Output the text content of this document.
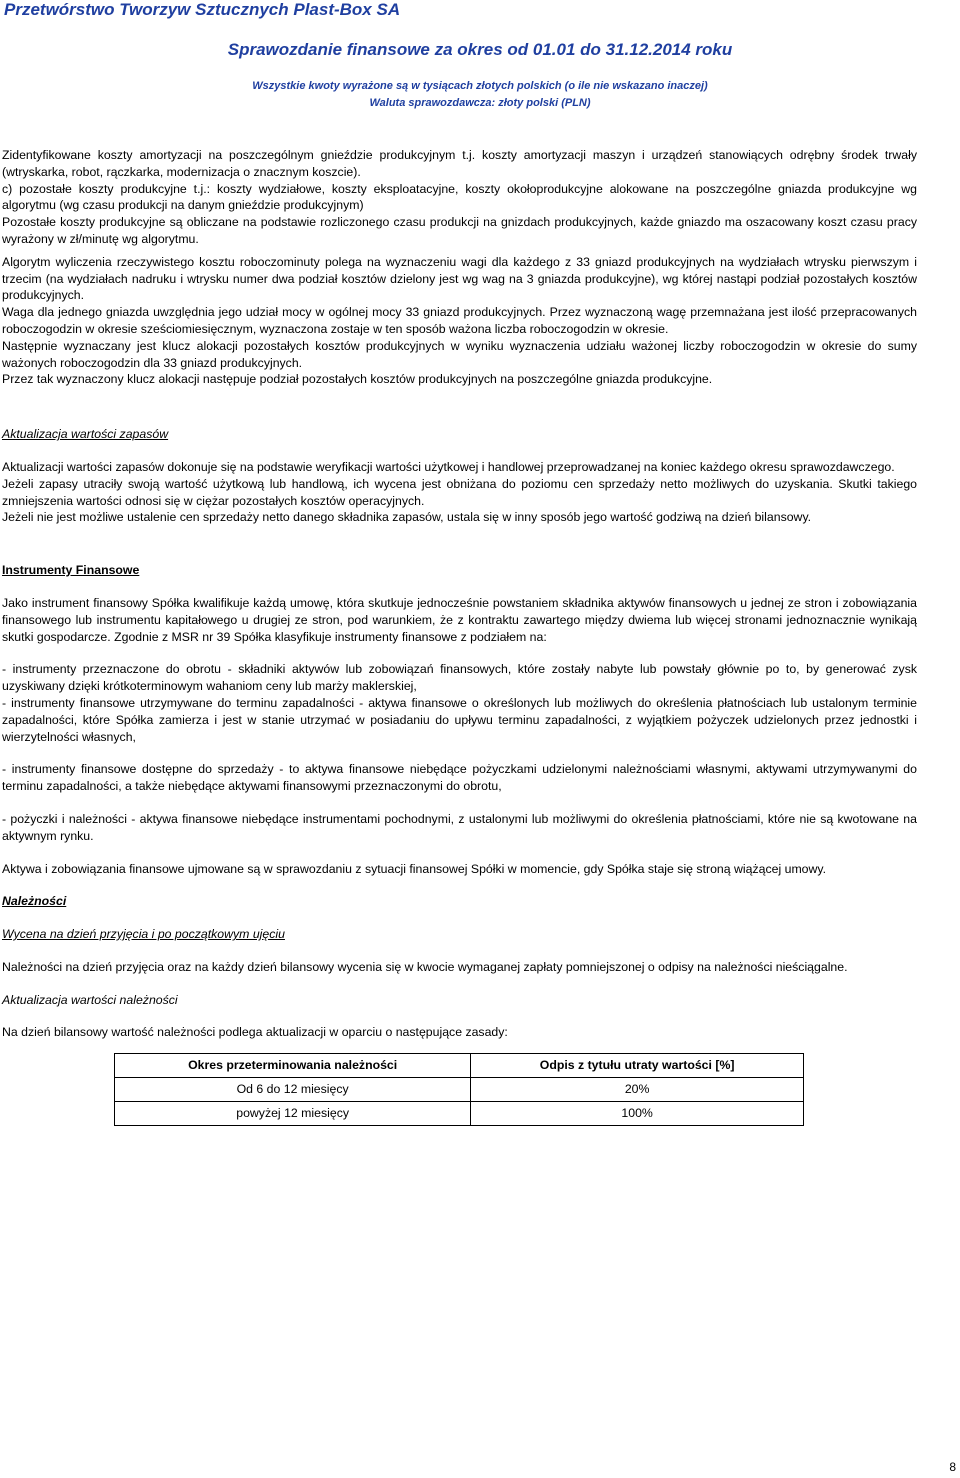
Przetwórstwo Tworzyw Sztucznych Plast-Box SA
Sprawozdanie finansowe za okres od 01.01 do 31.12.2014 roku
Wszystkie kwoty wyrażone są w tysiącach złotych polskich (o ile nie wskazano inaczej)
Waluta sprawozdawcza: złoty polski (PLN)

Zidentyfikowane koszty amortyzacji na poszczególnym gnieździe produkcyjnym t.j. koszty amortyzacji maszyn i urządzeń stanowiących odrębny środek trwały (wtryskarka, robot, rączkarka, modernizacja o znacznym koszcie).

c) pozostałe koszty produkcyjne t.j.: koszty wydziałowe, koszty eksploatacyjne, koszty okołoprodukcyjne alokowane na poszczególne gniazda produkcyjne wg algorytmu (wg czasu produkcji na danym gnieździe produkcyjnym)

Pozostałe koszty produkcyjne są obliczane na podstawie rozliczonego czasu produkcji na gnizdach produkcyjnych, każde gniazdo ma oszacowany koszt czasu pracy wyrażony w zł/minutę wg algorytmu.

Algorytm wyliczenia rzeczywistego kosztu roboczominuty polega na wyznaczeniu wagi dla każdego z 33 gniazd produkcyjnych na wydziałach wtrysku pierwszym i trzecim (na wydziałach nadruku i wtrysku numer dwa podział kosztów dzielony jest wg wag na 3 gniazda produkcyjne), wg której nastąpi podział pozostałych kosztów produkcyjnych.

Waga dla jednego gniazda uwzględnia jego udział mocy w ogólnej mocy 33 gniazd produkcyjnych. Przez wyznaczoną wagę przemnażana jest ilość przepracowanych roboczogodzin w okresie sześciomiesięcznym, wyznaczona zostaje w ten sposób ważona liczba roboczogodzin w okresie.

Następnie wyznaczany jest klucz alokacji pozostałych kosztów produkcyjnych w wyniku wyznaczenia udziału ważonej liczby roboczogodzin w okresie do sumy ważonych roboczogodzin dla 33 gniazd produkcyjnych.

Przez tak wyznaczony klucz alokacji następuje podział pozostałych kosztów produkcyjnych na poszczególne gniazda produkcyjne.

Aktualizacja wartości zapasów

Aktualizacji wartości zapasów dokonuje się na podstawie weryfikacji wartości użytkowej i handlowej przeprowadzanej na koniec każdego okresu sprawozdawczego.

Jeżeli zapasy utraciły swoją wartość użytkową lub handlową, ich wycena jest obniżana do poziomu cen sprzedaży netto możliwych do uzyskania. Skutki takiego zmniejszenia wartości odnosi się w ciężar pozostałych kosztów operacyjnych.

Jeżeli nie jest możliwe ustalenie cen sprzedaży netto danego składnika zapasów, ustala się w inny sposób jego wartość godziwą na dzień bilansowy.

Instrumenty Finansowe

Jako instrument finansowy Spółka kwalifikuje każdą umowę, która skutkuje jednocześnie powstaniem składnika aktywów finansowych u jednej ze stron i zobowiązania finansowego lub instrumentu kapitałowego u drugiej ze stron, pod warunkiem, że z kontraktu zawartego między dwiema lub więcej stronami jednoznacznie wynikają skutki gospodarcze. Zgodnie z MSR nr 39 Spółka klasyfikuje instrumenty finansowe z podziałem na:

- instrumenty przeznaczone do obrotu - składniki aktywów lub zobowiązań finansowych, które zostały nabyte lub powstały głównie po to, by generować zysk uzyskiwany dzięki krótkoterminowym wahaniom ceny lub marży maklerskiej,

- instrumenty finansowe utrzymywane do terminu zapadalności - aktywa finansowe o określonych lub możliwych do określenia płatnościach lub ustalonym terminie zapadalności, które Spółka zamierza i jest w stanie utrzymać w posiadaniu do upływu terminu zapadalności, z wyjątkiem pożyczek udzielonych przez jednostki i wierzytelności własnych,

- instrumenty finansowe dostępne do sprzedaży - to aktywa finansowe niebędące pożyczkami udzielonymi należnościami własnymi, aktywami utrzymywanymi do terminu zapadalności, a także niebędące aktywami finansowymi przeznaczonymi do obrotu,

- pożyczki i należności - aktywa finansowe niebędące instrumentami pochodnymi, z ustalonymi lub możliwymi do określenia płatnościami, które nie są kwotowane na aktywnym rynku.

Aktywa i zobowiązania finansowe ujmowane są w sprawozdaniu z sytuacji finansowej Spółki w momencie, gdy Spółka staje się stroną wiążącej umowy.

Należności

Wycena na dzień przyjęcia i po początkowym ujęciu

Należności na dzień przyjęcia oraz na każdy dzień bilansowy wycenia się w kwocie wymaganej zapłaty pomniejszonej o odpisy na należności nieściągalne.

Aktualizacja wartości należności

Na dzień bilansowy wartość należności podlega aktualizacji w oparciu o następujące zasady:

Okres przeterminowania należności	Odpis z tytułu utraty wartości [%]
Od 6 do 12 miesięcy	20%
powyżej 12 miesięcy	100%
8
